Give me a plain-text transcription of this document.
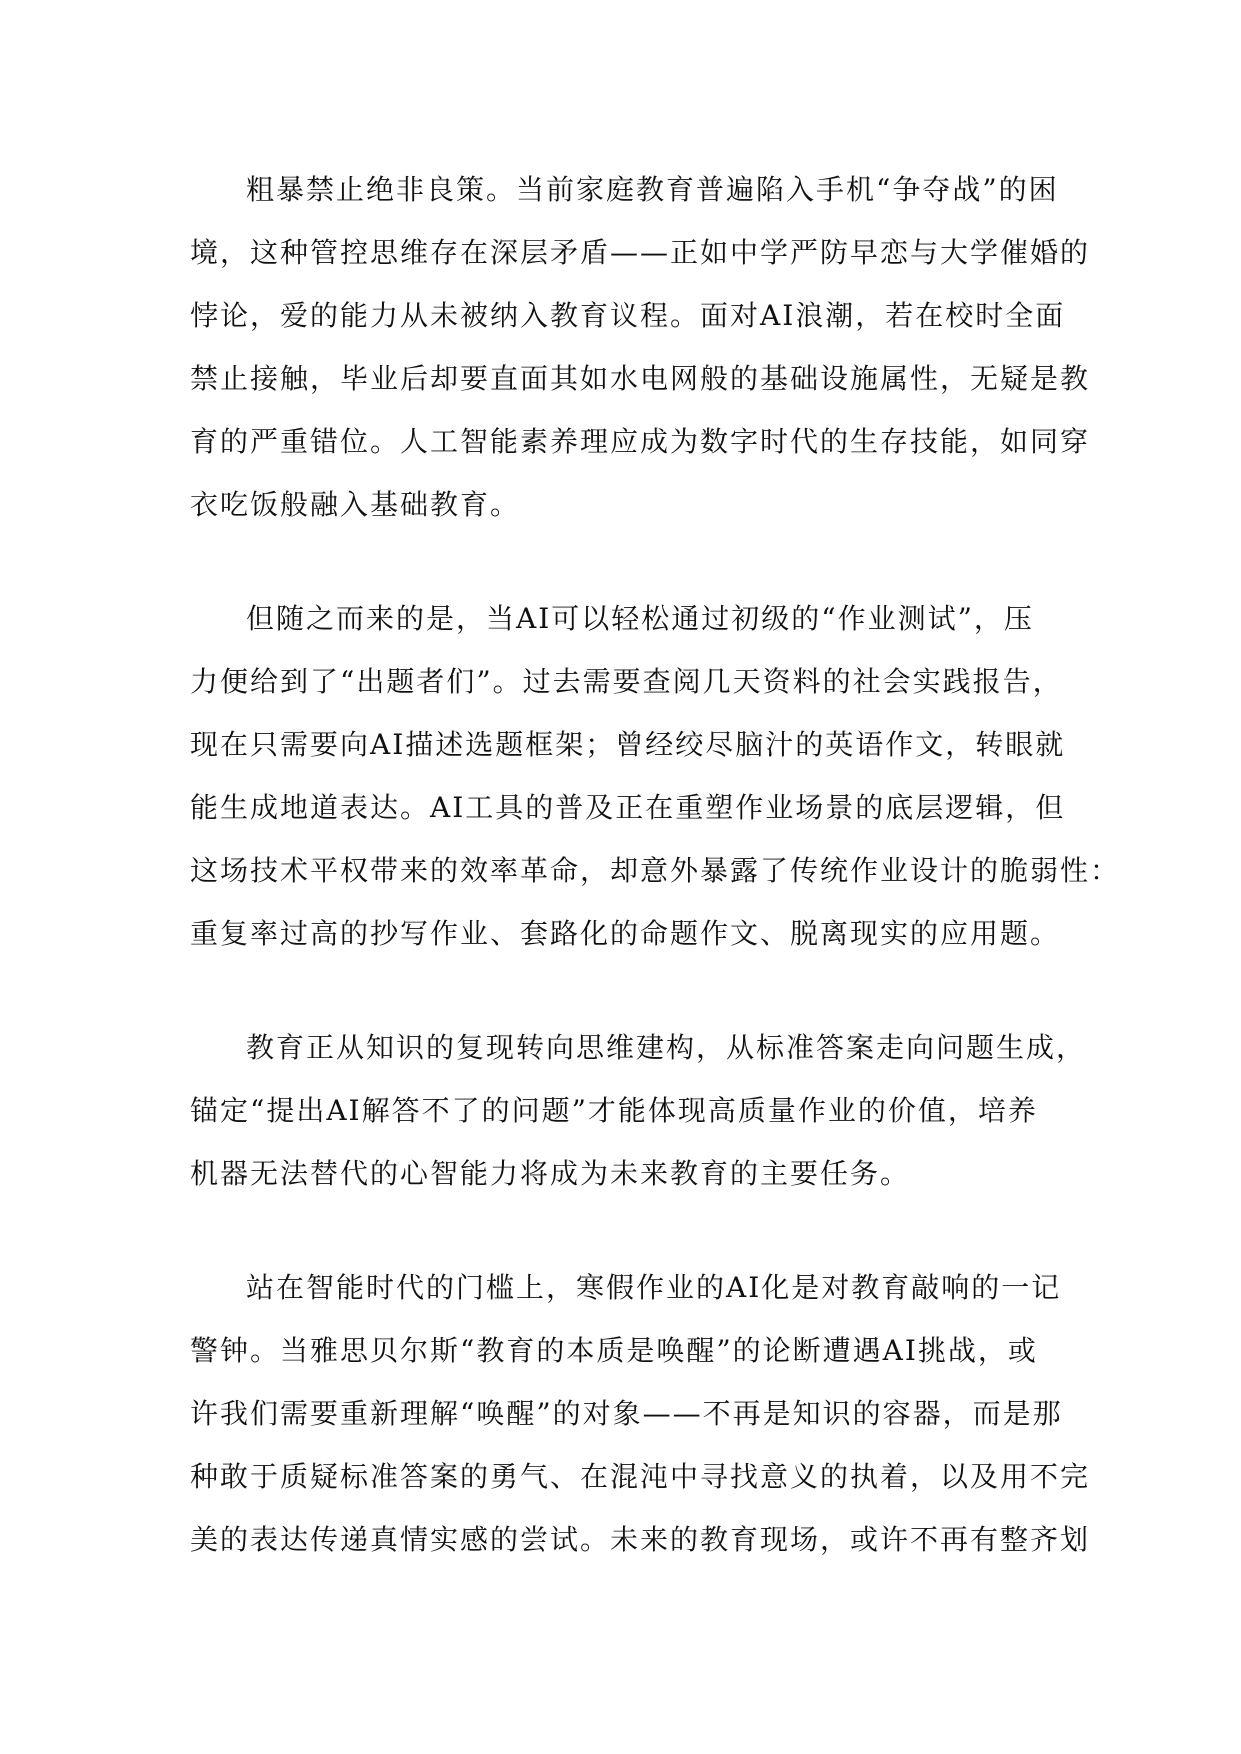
粗暴禁止绝非良策。当前家庭教育普遍陷入手机“争夺战”的困
境，这种管控思维存在深层矛盾——正如中学严防早恋与大学催婚的
悖论，爱的能力从未被纳入教育议程。面对AI浪潮，若在校时全面
禁止接触，毕业后却要直面其如水电网般的基础设施属性，无疑是教
育的严重错位。人工智能素养理应成为数字时代的生存技能，如同穿
衣吃饭般融入基础教育。
但随之而来的是，当AI可以轻松通过初级的“作业测试”，压
力便给到了“出题者们”。过去需要查阅几天资料的社会实践报告，
现在只需要向AI描述选题框架；曾经绞尽脑汁的英语作文，转眼就
能生成地道表达。AI工具的普及正在重塑作业场景的底层逻辑，但
这场技术平权带来的效率革命，却意外暴露了传统作业设计的脆弱性：
重复率过高的抄写作业、套路化的命题作文、脱离现实的应用题。
教育正从知识的复现转向思维建构，从标准答案走向问题生成，
锚定“提出AI解答不了的问题”才能体现高质量作业的价值，培养
机器无法替代的心智能力将成为未来教育的主要任务。
站在智能时代的门槛上，寒假作业的AI化是对教育敲响的一记
警钟。当雅思贝尔斯“教育的本质是唤醒”的论断遭遇AI挑战，或
许我们需要重新理解“唤醒”的对象——不再是知识的容器，而是那
种敢于质疑标准答案的勇气、在混沌中寻找意义的执着，以及用不完
美的表达传递真情实感的尝试。未来的教育现场，或许不再有整齐划
